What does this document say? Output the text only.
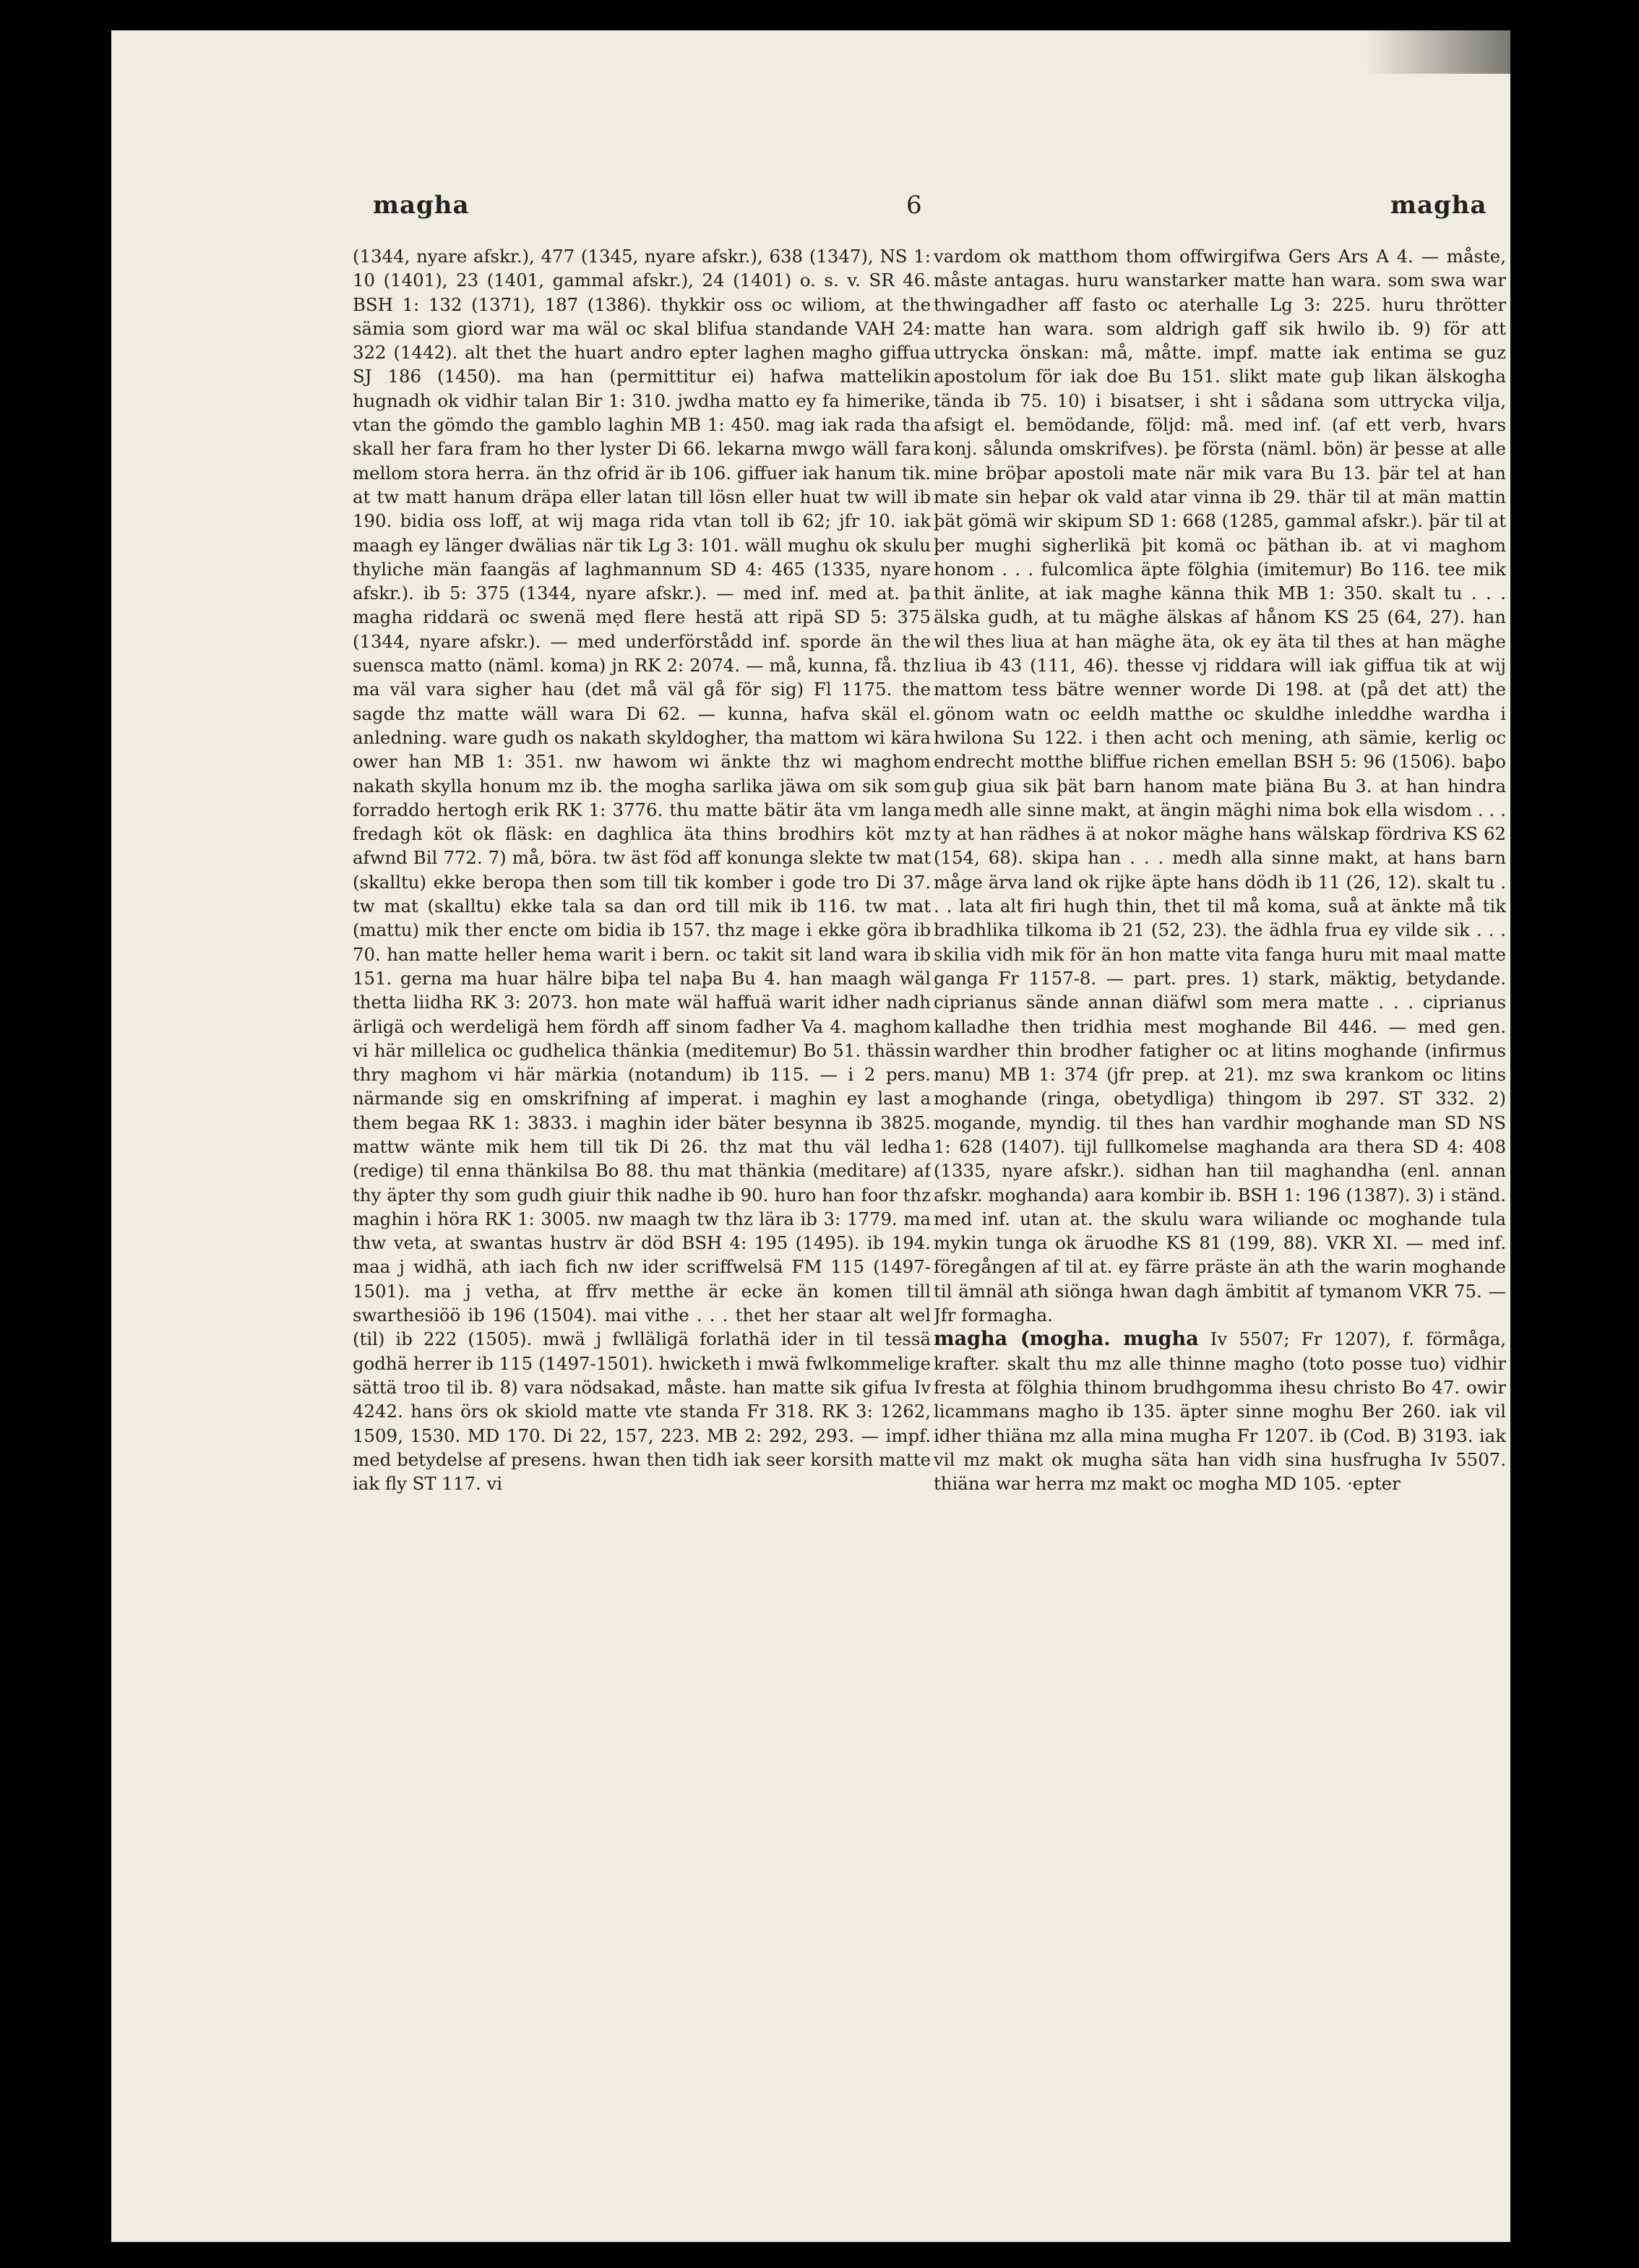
magha	6	magha

(1344, nyare afskr.), 477 (1345, nyare afskr.), 638 (1347), NS 1: 10 (1401), 23 (1401, gammal afskr.), 24 (1401) o. s. v. SR 46. BSH 1: 132 (1371), 187 (1386). thykkir oss oc wiliom, at the sämia som giord war ma wäl oc skal blifua standande VAH 24: 322 (1442). alt thet the huart andro epter laghen magho giffua SJ 186 (1450). ma han (permittitur ei) hafwa mattelikin hugnadh ok vidhir talan Bir 1: 310. jwdha matto ey fa himerike, vtan the gömdo the gamblo laghin MB 1: 450. mag iak rada tha skall her fara fram ho ther lyster Di 66. lekarna mwgo wäll fara mellom stora herra. än thz ofrid är ib 106. giffuer iak hanum tik. at tw matt hanum dräpa eller latan till lösn eller huat tw will ib 190. bidia oss loff, at wij maga rida vtan toll ib 62; jfr 10. iak maagh ey länger dwälias när tik Lg 3: 101. wäll mughu ok skulu thyliche män faangäs af laghmannum SD 4: 465 (1335, nyare afskr.). ib 5: 375 (1344, nyare afskr.). — med inf. med at. þa magha riddarä oc swenä mẹd flere hestä att ripä SD 5: 375 (1344, nyare afskr.). — med underförstådd inf. sporde än the suensca matto (näml. koma) jn RK 2: 2074. — må, kunna, få. thz ma väl vara sigher hau (det må väl gå för sig) Fl 1175. the sagde thz matte wäll wara Di 62. — kunna, hafva skäl el. anledning. ware gudh os nakath skyldogher, tha mattom wi kära ower han MB 1: 351. nw hawom wi änkte thz wi maghom nakath skylla honum mz ib. the mogha sarlika jäwa om sik som forraddo hertogh erik RK 1: 3776. thu matte bätir äta vm langa fredagh köt ok fläsk: en daghlica äta thins brodhirs köt mz afwnd Bil 772. 7) må, böra. tw äst föd aff konunga slekte tw mat (skalltu) ekke beropa then som till tik komber i gode tro Di 37. tw mat (skalltu) ekke tala sa dan ord till mik ib 116. tw mat (mattu) mik ther encte om bidia ib 157. thz mage i ekke göra ib 70. han matte heller hema warit i bern. oc takit sit land wara ib 151. gerna ma huar hälre biþa tel naþa Bu 4. han maagh wäl thetta liidha RK 3: 2073. hon mate wäl haffuä warit idher nadh ärligä och werdeligä hem fördh aff sinom fadher Va 4. maghom vi här millelica oc gudhelica thänkia (meditemur) Bo 51. thässin thry maghom vi här märkia (notandum) ib 115. — i 2 pers. närmande sig en omskrifning af imperat. i maghin ey last a them begaa RK 1: 3833. i maghin ider bäter besynna ib 3825. mattw wänte mik hem till tik Di 26. thz mat thu väl ledha (redige) til enna thänkilsa Bo 88. thu mat thänkia (meditare) af thy äpter thy som gudh giuir thik nadhe ib 90. huro han foor thz maghin i höra RK 1: 3005. nw maagh tw thz lära ib 3: 1779. ma thw veta, at swantas hustrv är död BSH 4: 195 (1495). ib 194. maa j widhä, ath iach fich nw ider scriffwelsä FM 115 (1497-1501). ma j vetha, at ffrv metthe är ecke än komen till swarthesiöö ib 196 (1504). mai vithe . . . thet her staar alt wel (til) ib 222 (1505). mwä j fwlläligä forlathä ider in til tessä godhä herrer ib 115 (1497-1501). hwicketh i mwä fwlkommelige sättä troo til ib. 8) vara nödsakad, måste. han matte sik gifua Iv 4242. hans örs ok skiold matte vte standa Fr 318. RK 3: 1262, 1509, 1530. MD 170. Di 22, 157, 223. MB 2: 292, 293. — impf. med betydelse af presens. hwan then tidh iak seer korsith matte iak fly ST 117. vi

vardom ok matthom thom offwirgifwa Gers Ars A 4. — måste, måste antagas. huru wanstarker matte han wara. som swa war thwingadher aff fasto oc aterhalle Lg 3: 225. huru thrötter matte han wara. som aldrigh gaff sik hwilo ib. 9) för att uttrycka önskan: må, måtte. impf. matte iak entima se guz apostolum för iak doe Bu 151. slikt mate guþ likan älskogha tända ib 75. 10) i bisatser, i sht i sådana som uttrycka vilja, afsigt el. bemödande, följd: må. med inf. (af ett verb, hvars konj. sålunda omskrifves). þe första (näml. bön) är þesse at alle mine bröþar apostoli mate när mik vara Bu 13. þär tel at han mate sin heþar ok vald atar vinna ib 29. thär til at män mattin þät gömä wir skipum SD 1: 668 (1285, gammal afskr.). þär til at þer mughi sigherlikä þit komä oc þäthan ib. at vi maghom honom . . . fulcomlica äpte fölghia (imitemur) Bo 116. tee mik thit änlite, at iak maghe känna thik MB 1: 350. skalt tu . . . älska gudh, at tu mäghe älskas af hånom KS 25 (64, 27). han wil thes liua at han mäghe äta, ok ey äta til thes at han mäghe liua ib 43 (111, 46). thesse vj riddara will iak giffua tik at wij mattom tess bätre wenner worde Di 198. at (på det att) the gönom watn oc eeldh matthe oc skuldhe inleddhe wardha i hwilona Su 122. i then acht och mening, ath sämie, kerlig oc endrecht motthe bliffue richen emellan BSH 5: 96 (1506). baþo guþ giua sik þät barn hanom mate þiäna Bu 3. at han hindra medh alle sinne makt, at ängin mäghi nima bok ella wisdom . . . ty at han rädhes ä at nokor mäghe hans wälskap fördriva KS 62 (154, 68). skipa han . . . medh alla sinne makt, at hans barn måge ärva land ok rijke äpte hans dödh ib 11 (26, 12). skalt tu . . . lata alt firi hugh thin, thet til må koma, suå at änkte må tik bradhlika tilkoma ib 21 (52, 23). the ädhla frua ey vilde sik . . . skilia vidh mik för än hon matte vita fanga huru mit maal matte ganga Fr 1157-8. — part. pres. 1) stark, mäktig, betydande. ciprianus sände annan diäfwl som mera matte . . . ciprianus kalladhe then tridhia mest moghande Bil 446. — med gen. wardher thin brodher fatigher oc at litins moghande (infirmus manu) MB 1: 374 (jfr prep. at 21). mz swa krankom oc litins moghande (ringa, obetydliga) thingom ib 297. ST 332. 2) mogande, myndig. til thes han vardhir moghande man SD NS 1: 628 (1407). tijl fullkomelse maghanda ara thera SD 4: 408 (1335, nyare afskr.). sidhan han tiil maghandha (enl. annan afskr. moghanda) aara kombir ib. BSH 1: 196 (1387). 3) i ständ. med inf. utan at. the skulu wara wiliande oc moghande tula mykin tunga ok äruodhe KS 81 (199, 88). VKR XI. — med inf. föregången af til at. ey färre präste än ath the warin moghande til ämnäl ath siönga hwan dagh ämbitit af tymanom VKR 75. — Jfr formagha.

magha (mogha. mugha Iv 5507; Fr 1207), f. förmåga, krafter. skalt thu mz alle thinne magho (toto posse tuo) vidhir fresta at fölghia thinom brudhgomma ihesu christo Bo 47. owir licammans magho ib 135. äpter sinne moghu Ber 260. iak vil idher thiäna mz alla mina mugha Fr 1207. ib (Cod. B) 3193. iak vil mz makt ok mugha säta han vidh sina husfrugha Iv 5507. thiäna war herra mz makt oc mogha MD 105. ·epter
